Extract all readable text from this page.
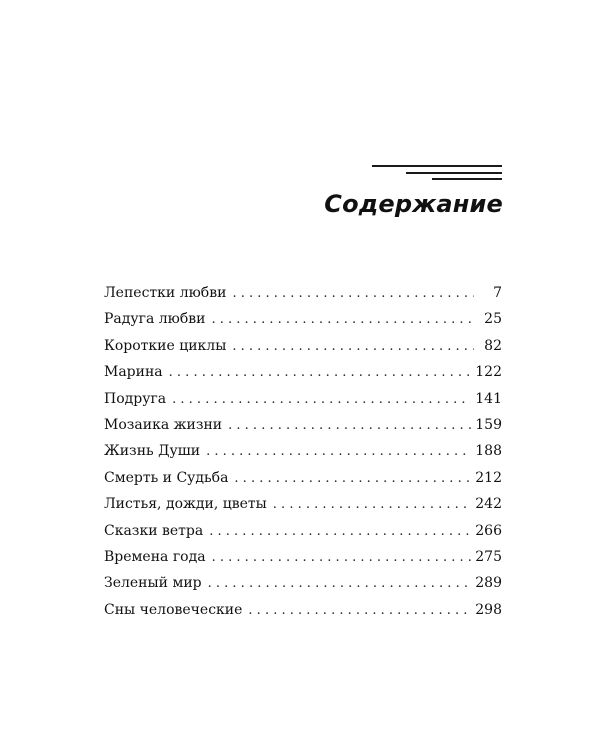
Содержание
Лепестки любви . . .	7
Радуга любви . . .	25
Короткие циклы . . .	82
Марина . . .	122
Подруга . . .	141
Мозаика жизни . . .	159
Жизнь Души . . .	188
Смерть и Судьба . . .	212
Листья, дожди, цветы . . .	242
Сказки ветра . . .	266
Времена года . . .	275
Зеленый мир . . .	289
Сны человеческие . . .	298
